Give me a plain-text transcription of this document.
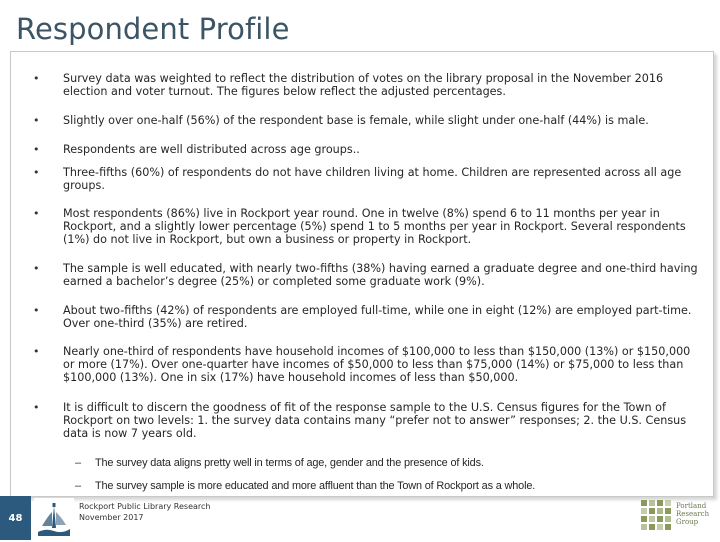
Respondent Profile
• Survey data was weighted to reflect the distribution of votes on the library proposal in the November 2016 election and voter turnout. The figures below reflect the adjusted percentages.
• Slightly over one-half (56%) of the respondent base is female, while slight under one-half (44%) is male.
• Respondents are well distributed across age groups..
• Three-fifths (60%) of respondents do not have children living at home. Children are represented across all age groups.
• Most respondents (86%) live in Rockport year round. One in twelve (8%) spend 6 to 11 months per year in Rockport, and a slightly lower percentage (5%) spend 1 to 5 months per year in Rockport. Several respondents (1%) do not live in Rockport, but own a business or property in Rockport.
• The sample is well educated, with nearly two-fifths (38%) having earned a graduate degree and one-third having earned a bachelor’s degree (25%) or completed some graduate work (9%).
• About two-fifths (42%) of respondents are employed full-time, while one in eight (12%) are employed part-time. Over one-third (35%) are retired.
• Nearly one-third of respondents have household incomes of $100,000 to less than $150,000 (13%) or $150,000 or more (17%). Over one-quarter have incomes of $50,000 to less than $75,000 (14%) or $75,000 to less than $100,000 (13%). One in six (17%) have household incomes of less than $50,000.
• It is difficult to discern the goodness of fit of the response sample to the U.S. Census figures for the Town of Rockport on two levels: 1. the survey data contains many “prefer not to answer” responses; 2. the U.S. Census data is now 7 years old.
– The survey data aligns pretty well in terms of age, gender and the presence of kids.
– The survey sample is more educated and more affluent than the Town of Rockport as a whole.
48
Rockport Public Library Research
November 2017
Portland
Research
Group
